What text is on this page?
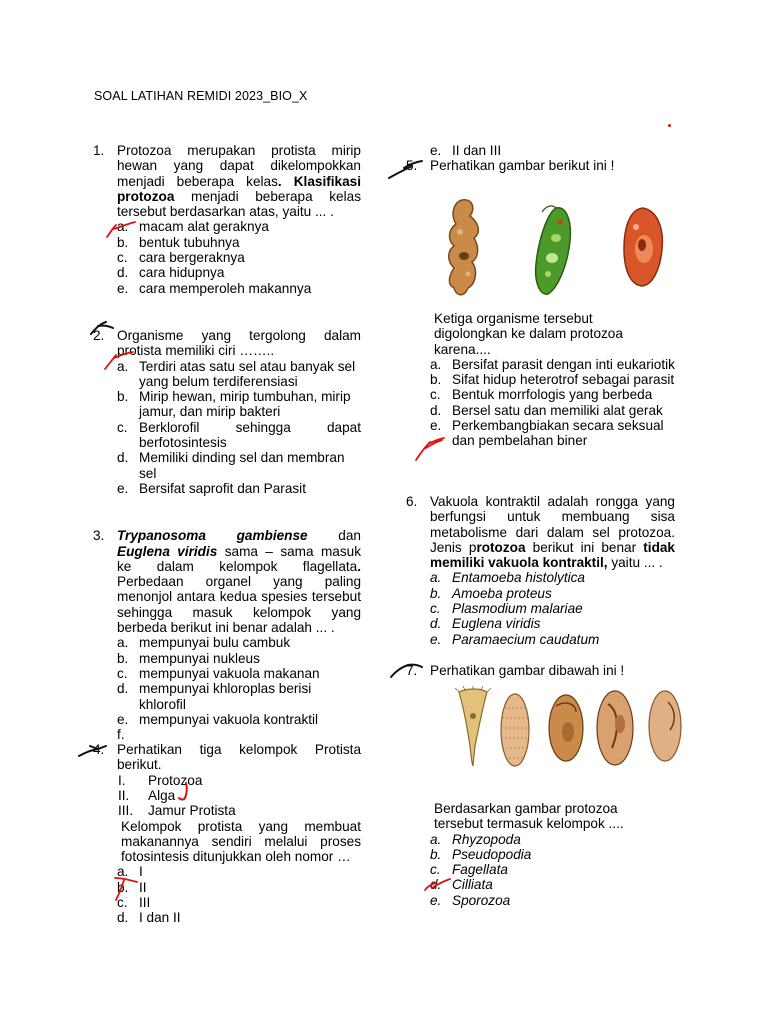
SOAL LATIHAN REMIDI 2023_BIO_X
1. Protozoa merupakan protista mirip hewan yang dapat dikelompokkan menjadi beberapa kelas. Klasifikasi protozoa menjadi beberapa kelas tersebut berdasarkan atas, yaitu ... .
a. macam alat geraknya
b. bentuk tubuhnya
c. cara bergeraknya
d. cara hidupnya
e. cara memperoleh makannya
2. Organisme yang tergolong dalam protista memiliki ciri ……..
a. Terdiri atas satu sel atau banyak sel yang belum terdiferensiasi
b. Mirip hewan, mirip tumbuhan, mirip jamur, dan mirip bakteri
c. Berklorofil sehingga dapat berfotosintesis
d. Memiliki dinding sel dan membran sel
e. Bersifat saprofit dan Parasit
3. Trypanosoma gambiense dan Euglena viridis sama – sama masuk ke dalam kelompok flagellata. Perbedaan organel yang paling menonjol antara kedua spesies tersebut sehingga masuk kelompok yang berbeda berikut ini benar adalah ... .
a. mempunyai bulu cambuk
b. mempunyai nukleus
c. mempunyai vakuola makanan
d. mempunyai khloroplas berisi khlorofil
e. mempunyai vakuola kontraktil
f.
4. Perhatikan tiga kelompok Protista berikut.
I. Protozoa
II. Alga
III. Jamur Protista
Kelompok protista yang membuat makanannya sendiri melalui proses fotosintesis ditunjukkan oleh nomor …
a. I
b. II
c. III
d. I dan II
e. II dan III
5. Perhatikan gambar berikut ini !
Ketiga organisme tersebut digolongkan ke dalam protozoa karena....
a. Bersifat parasit dengan inti eukariotik
b. Sifat hidup heterotrof sebagai parasit
c. Bentuk morrfologis yang berbeda
d. Bersel satu dan memiliki alat gerak
e. Perkembangbiakan secara seksual dan pembelahan biner
6. Vakuola kontraktil adalah rongga yang berfungsi untuk membuang sisa metabolisme dari dalam sel protozoa. Jenis protozoa berikut ini benar tidak memiliki vakuola kontraktil, yaitu ... .
a. Entamoeba histolytica
b. Amoeba proteus
c. Plasmodium malariae
d. Euglena viridis
e. Paramaecium caudatum
7. Perhatikan gambar dibawah ini !
Berdasarkan gambar protozoa tersebut termasuk kelompok ....
a. Rhyzopoda
b. Pseudopodia
c. Fagellata
d. Cilliata
e. Sporozoa
